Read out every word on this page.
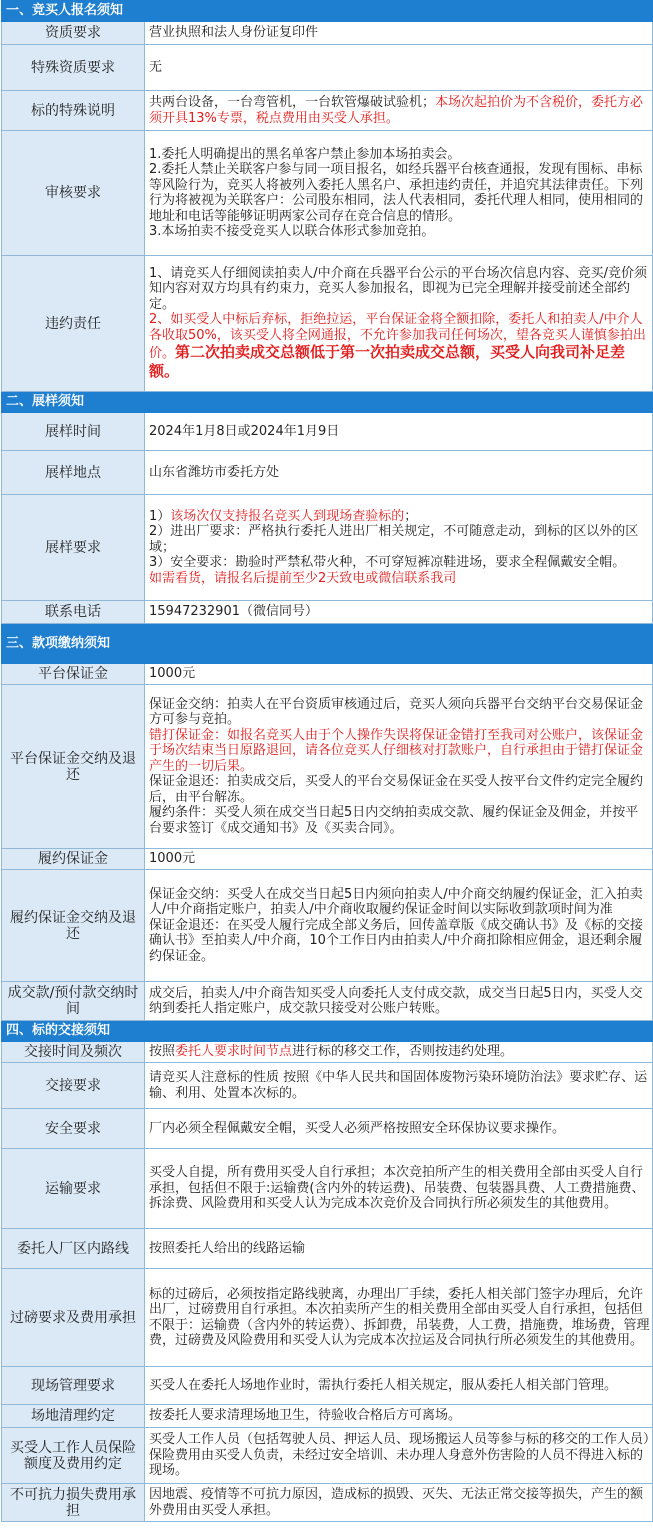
一、竞买人报名须知	
资质要求	营业执照和法人身份证复印件
特殊资质要求	无
标的特殊说明	共两台设备，一台弯管机，一台软管爆破试验机；本场次起拍价为不含税价，委托方必须开具13%专票，税点费用由买受人承担。
审核要求	1.委托人明确提出的黑名单客户禁止参加本场拍卖会。
2.委托人禁止关联客户参与同一项目报名，如经兵器平台核查通报，发现有围标、串标等风险行为，竞买人将被列入委托人黑名户、承担违约责任，并追究其法律责任。下列行为将被视为关联客户：公司股东相同，法人代表相同，委托代理人相同，使用相同的地址和电话等能够证明两家公司存在竞合信息的情形。
3.本场拍卖不接受竞买人以联合体形式参加竞拍。

违约责任	1、请竞买人仔细阅读拍卖人/中介商在兵器平台公示的平台场次信息内容、竞买/竞价须知内容对双方均具有约束力，竞买人参加报名，即视为已完全理解并接受前述全部约定。
2、如买受人中标后弃标，拒绝拉运，平台保证金将全额扣除，委托人和拍卖人/中介人各收取50%，该买受人将全网通报，不允许参加我司任何场次，望各竞买人谨慎参拍出价。第二次拍卖成交总额低于第一次拍卖成交总额，买受人向我司补足差额。
二、展样须知	
展样时间	2024年1月8日或2024年1月9日
展样地点	山东省潍坊市委托方处
展样要求	1）该场次仅支持报名竞买人到现场查验标的；
2）进出厂要求：严格执行委托人进出厂相关规定，不可随意走动，到标的区以外的区域；
3）安全要求：勘验时严禁私带火种，不可穿短裤凉鞋进场，要求全程佩戴安全帽。
如需看货，请报名后提前至少2天致电或微信联系我司

联系电话	15947232901（微信同号）
三、款项缴纳须知	
平台保证金	1000元
平台保证金交纳及退还	保证金交纳：拍卖人在平台资质审核通过后，竞买人须向兵器平台交纳平台交易保证金方可参与竞拍。
错打保证金：如报名竞买人由于个人操作失误将保证金错打至我司对公账户，该保证金于场次结束当日原路退回，请各位竞买人仔细核对打款账户，自行承担由于错打保证金产生的一切后果。
保证金退还：拍卖成交后，买受人的平台交易保证金在买受人按平台文件约定完全履约后，由平台解冻。
履约条件：买受人须在成交当日起5日内交纳拍卖成交款、履约保证金及佣金，并按平台要求签订《成交通知书》及《买卖合同》。

履约保证金	1000元
履约保证金交纳及退还	保证金交纳：买受人在成交当日起5日内须向拍卖人/中介商交纳履约保证金，汇入拍卖人/中介商指定账户，拍卖人/中介商收取履约保证金时间以实际收到款项时间为准
保证金退还：在买受人履行完成全部义务后，回传盖章版《成交确认书》及《标的交接确认书》至拍卖人/中介商，10个工作日内由拍卖人/中介商扣除相应佣金，退还剩余履约保证金。

成交款/预付款交纳时间	成交后，拍卖人/中介商告知买受人向委托人支付成交款，成交当日起5日内，买受人交纳到委托人指定账户，成交款只接受对公账户转账。
四、标的交接须知	
交接时间及频次	按照委托人要求时间节点进行标的移交工作，否则按违约处理。
交接要求	请竞买人注意标的性质 按照《中华人民共和国固体废物污染环境防治法》要求贮存、运输、利用、处置本次标的。
安全要求	厂内必须全程佩戴安全帽，买受人必须严格按照安全环保协议要求操作。
运输要求	买受人自提，所有费用买受人自行承担；本次竞拍所产生的相关费用全部由买受人自行承担，包括但不限于:运输费(含内外的转运费)、吊装费、包装器具费、人工费措施费、拆涂费、风险费用和买受人认为完成本次竞价及合同执行所必须发生的其他费用。
委托人厂区内路线	按照委托人给出的线路运输
过磅要求及费用承担	标的过磅后，必须按指定路线驶离，办理出厂手续，委托人相关部门签字办理后，允许出厂，过磅费用自行承担。本次拍卖所产生的相关费用全部由买受人自行承担，包括但不限于：运输费（含内外的转运费）、拆卸费，吊装费，人工费，措施费，堆场费，管理费，过磅费及风险费用和买受人认为完成本次拉运及合同执行所必须发生的其他费用。
现场管理要求	买受人在委托人场地作业时，需执行委托人相关规定，服从委托人相关部门管理。
场地清理约定	按委托人要求清理场地卫生，待验收合格后方可离场。
买受人工作人员保险额度及费用约定	买受人工作人员（包括驾驶人员、押运人员、现场搬运人员等参与标的移交的工作人员）保险费用由买受人负责，未经过安全培训、未办理人身意外伤害险的人员不得进入标的现场。
不可抗力损失费用承担	因地震、疫情等不可抗力原因，造成标的损毁、灭失、无法正常交接等损失，产生的额外费用由买受人承担。
